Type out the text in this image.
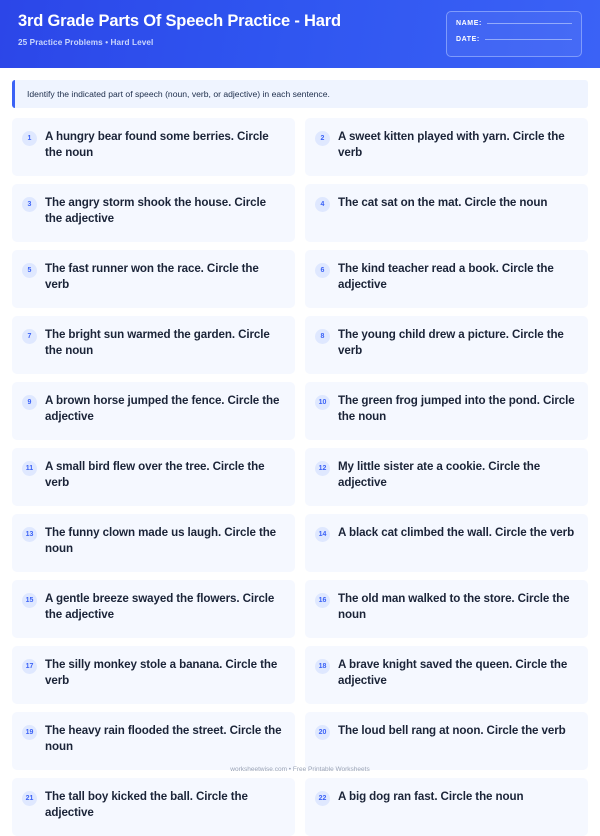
3rd Grade Parts Of Speech Practice - Hard
25 Practice Problems • Hard Level
NAME:
DATE:
Identify the indicated part of speech (noun, verb, or adjective) in each sentence.
1	A hungry bear found some berries. Circle the noun
2	A sweet kitten played with yarn. Circle the verb
3	The angry storm shook the house. Circle the adjective
4	The cat sat on the mat. Circle the noun
5	The fast runner won the race. Circle the verb
6	The kind teacher read a book. Circle the adjective
7	The bright sun warmed the garden. Circle the noun
8	The young child drew a picture. Circle the verb
9	A brown horse jumped the fence. Circle the adjective
10	The green frog jumped into the pond. Circle the noun
11	A small bird flew over the tree. Circle the verb
12	My little sister ate a cookie. Circle the adjective
13	The funny clown made us laugh. Circle the noun
14	A black cat climbed the wall. Circle the verb
15	A gentle breeze swayed the flowers. Circle the adjective
16	The old man walked to the store. Circle the noun
17	The silly monkey stole a banana. Circle the verb
18	A brave knight saved the queen. Circle the adjective
19	The heavy rain flooded the street. Circle the noun
20	The loud bell rang at noon. Circle the verb
21	The tall boy kicked the ball. Circle the adjective
22	A big dog ran fast. Circle the noun
worksheetwise.com • Free Printable Worksheets
